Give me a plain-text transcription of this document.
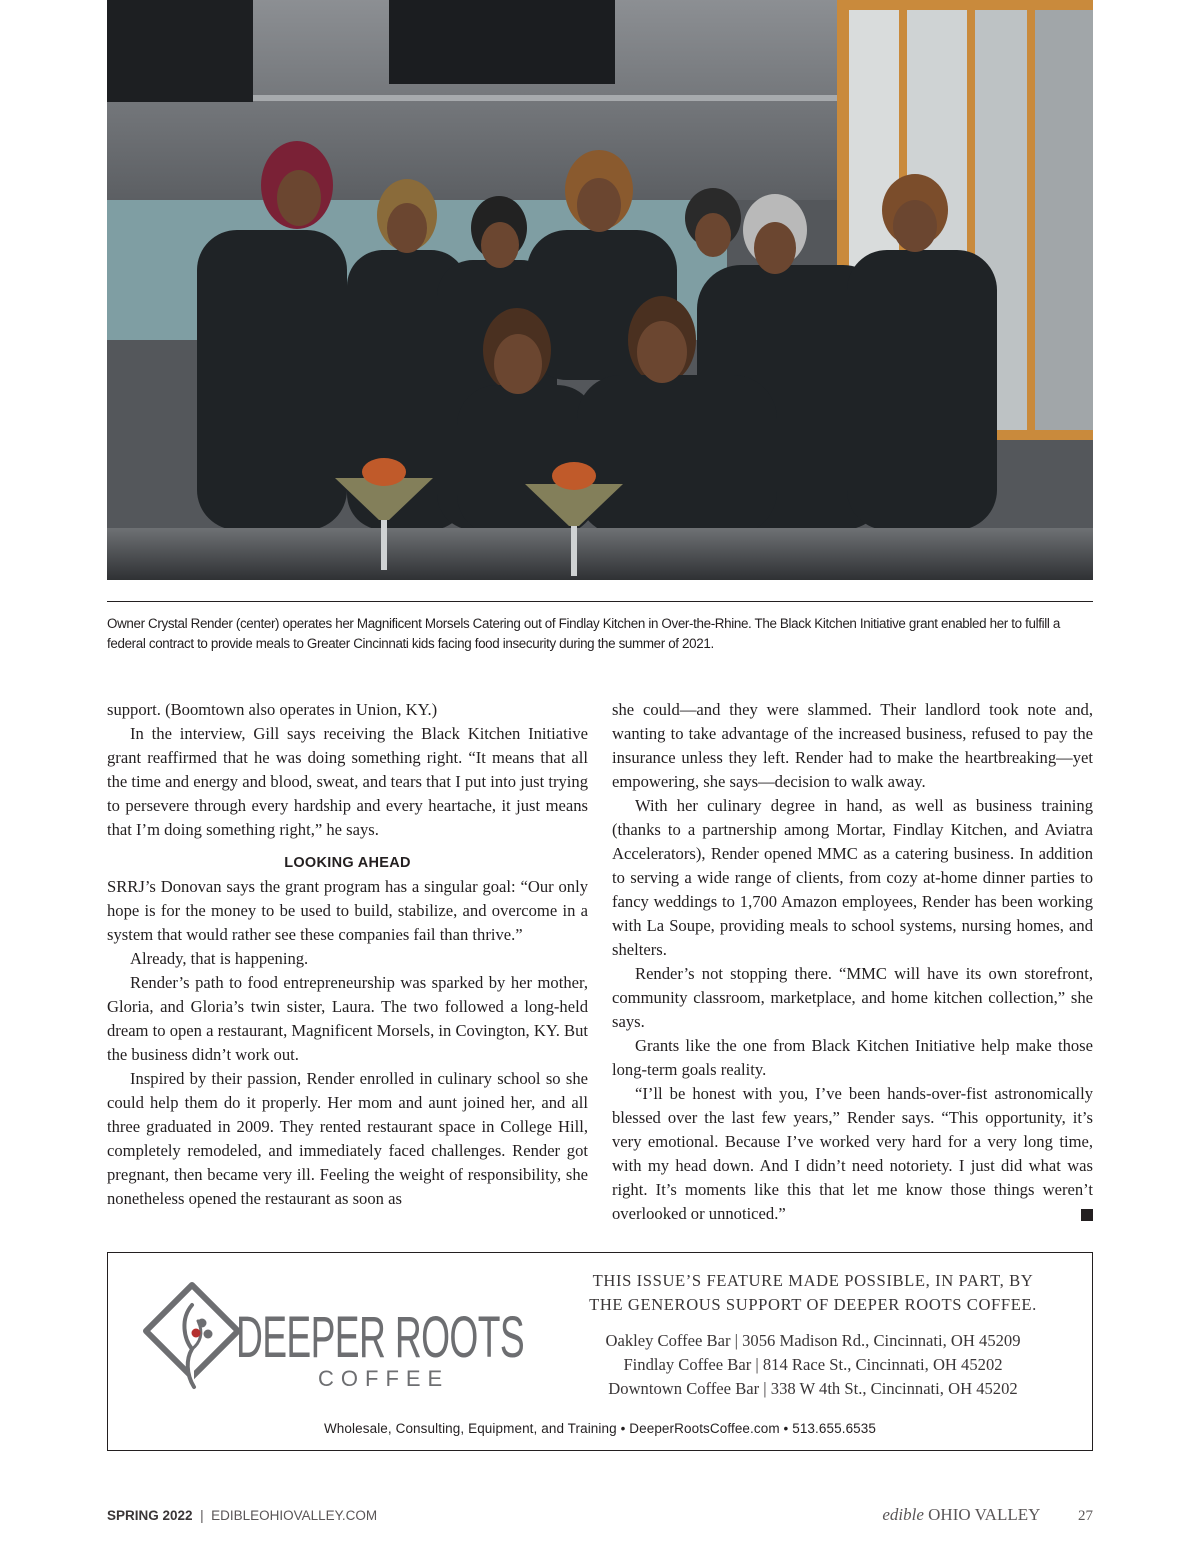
Owner Crystal Render (center) operates her Magnificent Morsels Catering out of Findlay Kitchen in Over-the-Rhine. The Black Kitchen Initiative grant enabled her to fulfill a federal contract to provide meals to Greater Cincinnati kids facing food insecurity during the summer of 2021.

support. (Boomtown also operates in Union, KY.)

In the interview, Gill says receiving the Black Kitchen Initiative grant reaffirmed that he was doing something right. “It means that all the time and energy and blood, sweat, and tears that I put into just trying to persevere through every hardship and every heartache, it just means that I’m doing something right,” he says.

LOOKING AHEAD

SRRJ’s Donovan says the grant program has a singular goal: “Our only hope is for the money to be used to build, stabilize, and overcome in a system that would rather see these companies fail than thrive.”

Already, that is happening.

Render’s path to food entrepreneurship was sparked by her mother, Gloria, and Gloria’s twin sister, Laura. The two followed a long-held dream to open a restaurant, Magnificent Morsels, in Covington, KY. But the business didn’t work out.

Inspired by their passion, Render enrolled in culinary school so she could help them do it properly. Her mom and aunt joined her, and all three graduated in 2009. They rented restaurant space in College Hill, completely remodeled, and immediately faced challenges. Render got pregnant, then became very ill. Feeling the weight of responsibility, she nonetheless opened the restaurant as soon as

she could—and they were slammed. Their landlord took note and, wanting to take advantage of the increased business, refused to pay the insurance unless they left. Render had to make the heartbreaking—yet empowering, she says—decision to walk away.

With her culinary degree in hand, as well as business training (thanks to a partnership among Mortar, Findlay Kitchen, and Aviatra Accelerators), Render opened MMC as a catering business. In addition to serving a wide range of clients, from cozy at-home dinner parties to fancy weddings to 1,700 Amazon employees, Render has been working with La Soupe, providing meals to school systems, nursing homes, and shelters.

Render’s not stopping there. “MMC will have its own storefront, community classroom, marketplace, and home kitchen collection,” she says.

Grants like the one from Black Kitchen Initiative help make those long-term goals reality.

“I’ll be honest with you, I’ve been hands-over-fist astronomically blessed over the last few years,” Render says. “This opportunity, it’s very emotional. Because I’ve worked very hard for a very long time, with my head down. And I didn’t need notoriety. I just did what was right. It’s moments like this that let me know those things weren’t overlooked or unnoticed.”

DEEPER ROOTS
COFFEE
THIS ISSUE’S FEATURE MADE POSSIBLE, IN PART, BY
THE GENEROUS SUPPORT OF DEEPER ROOTS COFFEE.
Oakley Coffee Bar | 3056 Madison Rd., Cincinnati, OH 45209
Findlay Coffee Bar | 814 Race St., Cincinnati, OH 45202
Downtown Coffee Bar | 338 W 4th St., Cincinnati, OH 45202
Wholesale, Consulting, Equipment, and Training • DeeperRootsCoffee.com • 513.655.6535
SPRING 2022  |  EDIBLEOHIOVALLEY.COM	edible OHIO VALLEY	27
